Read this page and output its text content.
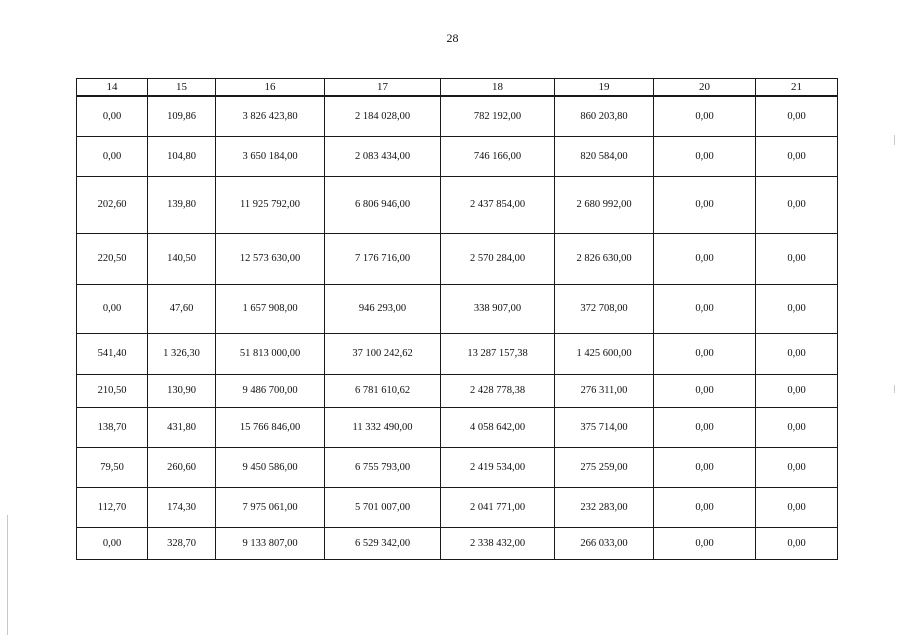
28
14	15	16	17	18	19	20	21
0,00	109,86	3 826 423,80	2 184 028,00	782 192,00	860 203,80	0,00	0,00
0,00	104,80	3 650 184,00	2 083 434,00	746 166,00	820 584,00	0,00	0,00
202,60	139,80	11 925 792,00	6 806 946,00	2 437 854,00	2 680 992,00	0,00	0,00
220,50	140,50	12 573 630,00	7 176 716,00	2 570 284,00	2 826 630,00	0,00	0,00
0,00	47,60	1 657 908,00	946 293,00	338 907,00	372 708,00	0,00	0,00
541,40	1 326,30	51 813 000,00	37 100 242,62	13 287 157,38	1 425 600,00	0,00	0,00
210,50	130,90	9 486 700,00	6 781 610,62	2 428 778,38	276 311,00	0,00	0,00
138,70	431,80	15 766 846,00	11 332 490,00	4 058 642,00	375 714,00	0,00	0,00
79,50	260,60	9 450 586,00	6 755 793,00	2 419 534,00	275 259,00	0,00	0,00
112,70	174,30	7 975 061,00	5 701 007,00	2 041 771,00	232 283,00	0,00	0,00
0,00	328,70	9 133 807,00	6 529 342,00	2 338 432,00	266 033,00	0,00	0,00
